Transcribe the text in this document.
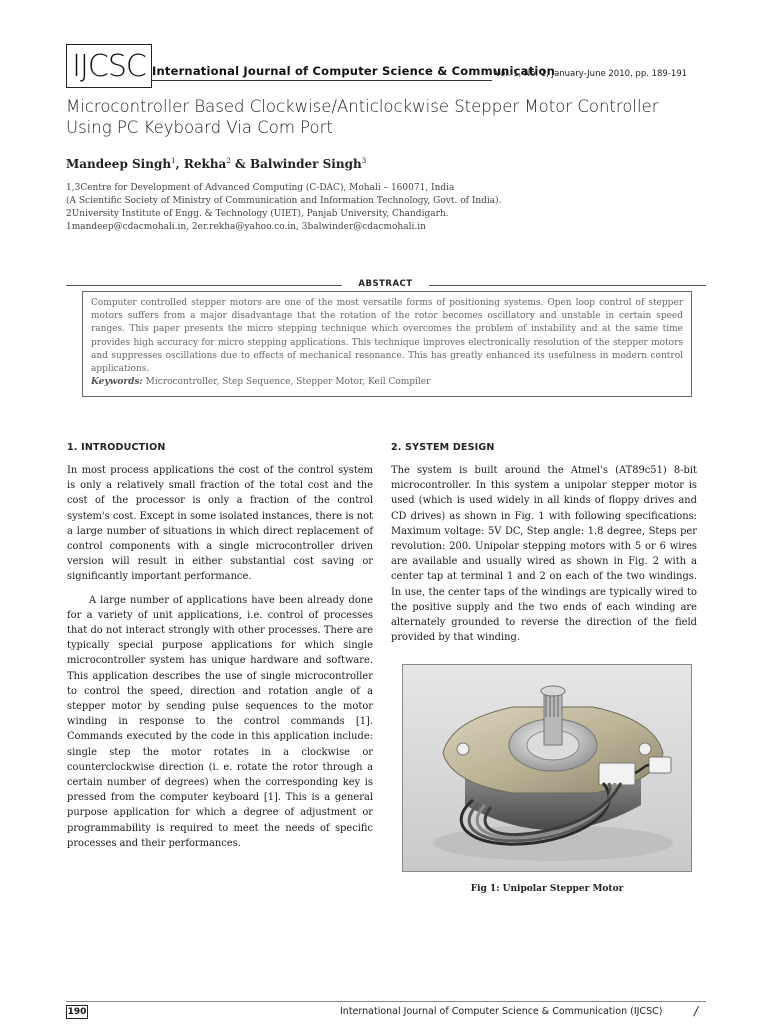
IJCSC International Journal of Computer Science & Communication
Vol. 1, No. 1, January-June 2010, pp. 189-191
Microcontroller Based Clockwise/Anticlockwise Stepper Motor Controller Using PC Keyboard Via Com Port
Mandeep Singh$^1$, Rekha$^2$ & Balwinder Singh$^3$
1,3Centre for Development of Advanced Computing (C-DAC), Mohali – 160071, India
(A Scientific Society of Ministry of Communication and Information Technology, Govt. of India).
2University Institute of Engg. & Technology (UIET), Panjab University, Chandigarh.
1mandeep@cdacmohali.in, 2er.rekha@yahoo.co.in, 3balwinder@cdacmohali.in
ABSTRACT
Computer controlled stepper motors are one of the most versatile forms of positioning systems. Open loop control of stepper motors suffers from a major disadvantage that the rotation of the rotor becomes oscillatory and unstable in certain speed ranges. This paper presents the micro stepping technique which overcomes the problem of instability and at the same time provides high accuracy for micro stepping applications. This technique improves electronically resolution of the stepper motors and suppresses oscillations due to effects of mechanical resonance. This has greatly enhanced its usefulness in modern control applications.
Keywords: Microcontroller, Step Sequence, Stepper Motor, Keil Compiler
1. INTRODUCTION

In most process applications the cost of the control system is only a relatively small fraction of the total cost and the cost of the processor is only a fraction of the control system's cost. Except in some isolated instances, there is not a large number of situations in which direct replacement of control components with a single microcontroller driven version will result in either substantial cost saving or significantly important performance.

A large number of applications have been already done for a variety of unit applications, i.e. control of processes that do not interact strongly with other processes. There are typically special purpose applications for which single microcontroller system has unique hardware and software. This application describes the use of single microcontroller to control the speed, direction and rotation angle of a stepper motor by sending pulse sequences to the motor winding in response to the control commands [1]. Commands executed by the code in this application include: single step the motor rotates in a clockwise or counterclockwise direction (i. e. rotate the rotor through a certain number of degrees) when the corresponding key is pressed from the computer keyboard [1]. This is a general purpose application for which a degree of adjustment or programmability is required to meet the needs of specific processes and their performances.

2. SYSTEM DESIGN

The system is built around the Atmel's (AT89c51) 8-bit microcontroller. In this system a unipolar stepper motor is used (which is used widely in all kinds of floppy drives and CD drives) as shown in Fig. 1 with following specifications: Maximum voltage: 5V DC, Step angle: 1.8 degree, Steps per revolution: 200. Unipolar stepping motors with 5 or 6 wires are available and usually wired as shown in Fig. 2 with a center tap at terminal 1 and 2 on each of the two windings. In use, the center taps of the windings are typically wired to the positive supply and the two ends of each winding are alternately grounded to reverse the direction of the field provided by that winding.

Fig 1: Unipolar Stepper Motor
190	International Journal of Computer Science & Communication (IJCSC)	/
